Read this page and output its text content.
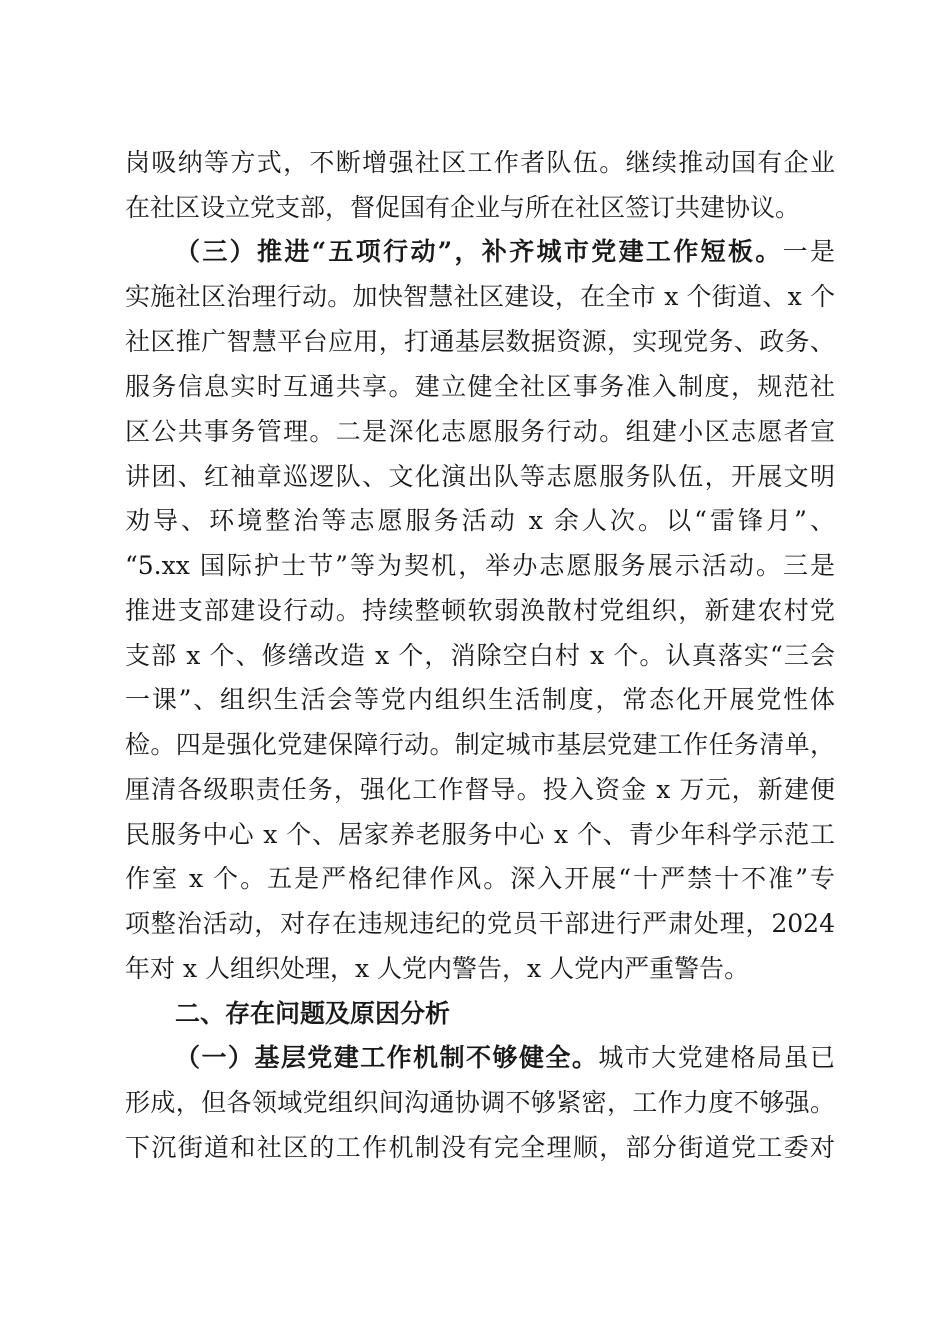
岗吸纳等方式，不断增强社区工作者队伍。继续推动国有企业
在社区设立党支部，督促国有企业与所在社区签订共建协议。
（三）推进“五项行动”，补齐城市党建工作短板。一是
实施社区治理行动。加快智慧社区建设，在全市 x 个街道、x 个
社区推广智慧平台应用，打通基层数据资源，实现党务、政务、
服务信息实时互通共享。建立健全社区事务准入制度，规范社
区公共事务管理。二是深化志愿服务行动。组建小区志愿者宣
讲团、红袖章巡逻队、文化演出队等志愿服务队伍，开展文明
劝导、环境整治等志愿服务活动 x 余人次。以“雷锋月”、
“5.xx 国际护士节”等为契机，举办志愿服务展示活动。三是
推进支部建设行动。持续整顿软弱涣散村党组织，新建农村党
支部 x 个、修缮改造 x 个，消除空白村 x 个。认真落实“三会
一课”、组织生活会等党内组织生活制度，常态化开展党性体
检。四是强化党建保障行动。制定城市基层党建工作任务清单，
厘清各级职责任务，强化工作督导。投入资金 x 万元，新建便
民服务中心 x 个、居家养老服务中心 x 个、青少年科学示范工
作室 x 个。五是严格纪律作风。深入开展“十严禁十不准”专
项整治活动，对存在违规违纪的党员干部进行严肃处理，2024
年对 x 人组织处理，x 人党内警告，x 人党内严重警告。
二、存在问题及原因分析
（一）基层党建工作机制不够健全。城市大党建格局虽已
形成，但各领域党组织间沟通协调不够紧密，工作力度不够强。
下沉街道和社区的工作机制没有完全理顺，部分街道党工委对
